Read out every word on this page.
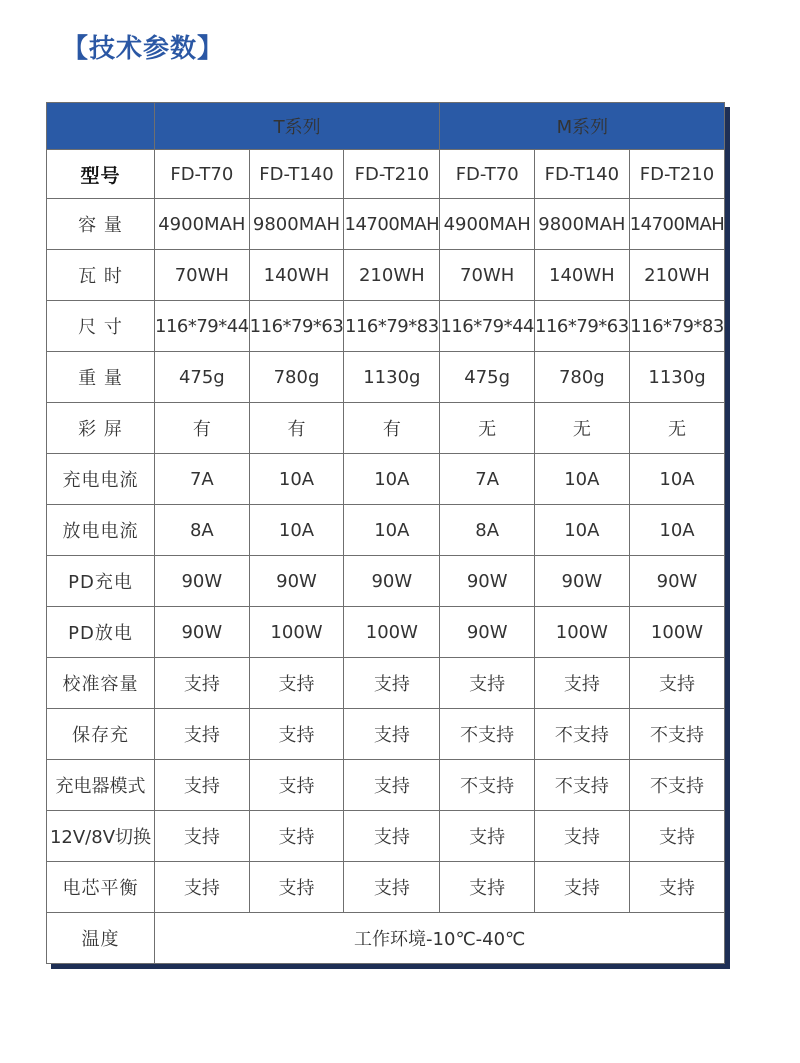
【技术参数】
	T系列			M系列		
型号	FD-T70	FD-T140	FD-T210	FD-T70	FD-T140	FD-T210
容 量	4900MAH	9800MAH	14700MAH	4900MAH	9800MAH	14700MAH
瓦 时	70WH	140WH	210WH	70WH	140WH	210WH
尺 寸	116*79*44	116*79*63	116*79*83	116*79*44	116*79*63	116*79*83
重 量	475g	780g	1130g	475g	780g	1130g
彩 屏	有	有	有	无	无	无
充电电流	7A	10A	10A	7A	10A	10A
放电电流	8A	10A	10A	8A	10A	10A
PD充电	90W	90W	90W	90W	90W	90W
PD放电	90W	100W	100W	90W	100W	100W
校准容量	支持	支持	支持	支持	支持	支持
保存充	支持	支持	支持	不支持	不支持	不支持
充电器模式	支持	支持	支持	不支持	不支持	不支持
12V/8V切换	支持	支持	支持	支持	支持	支持
电芯平衡	支持	支持	支持	支持	支持	支持
温度	工作环境-10℃-40℃					
